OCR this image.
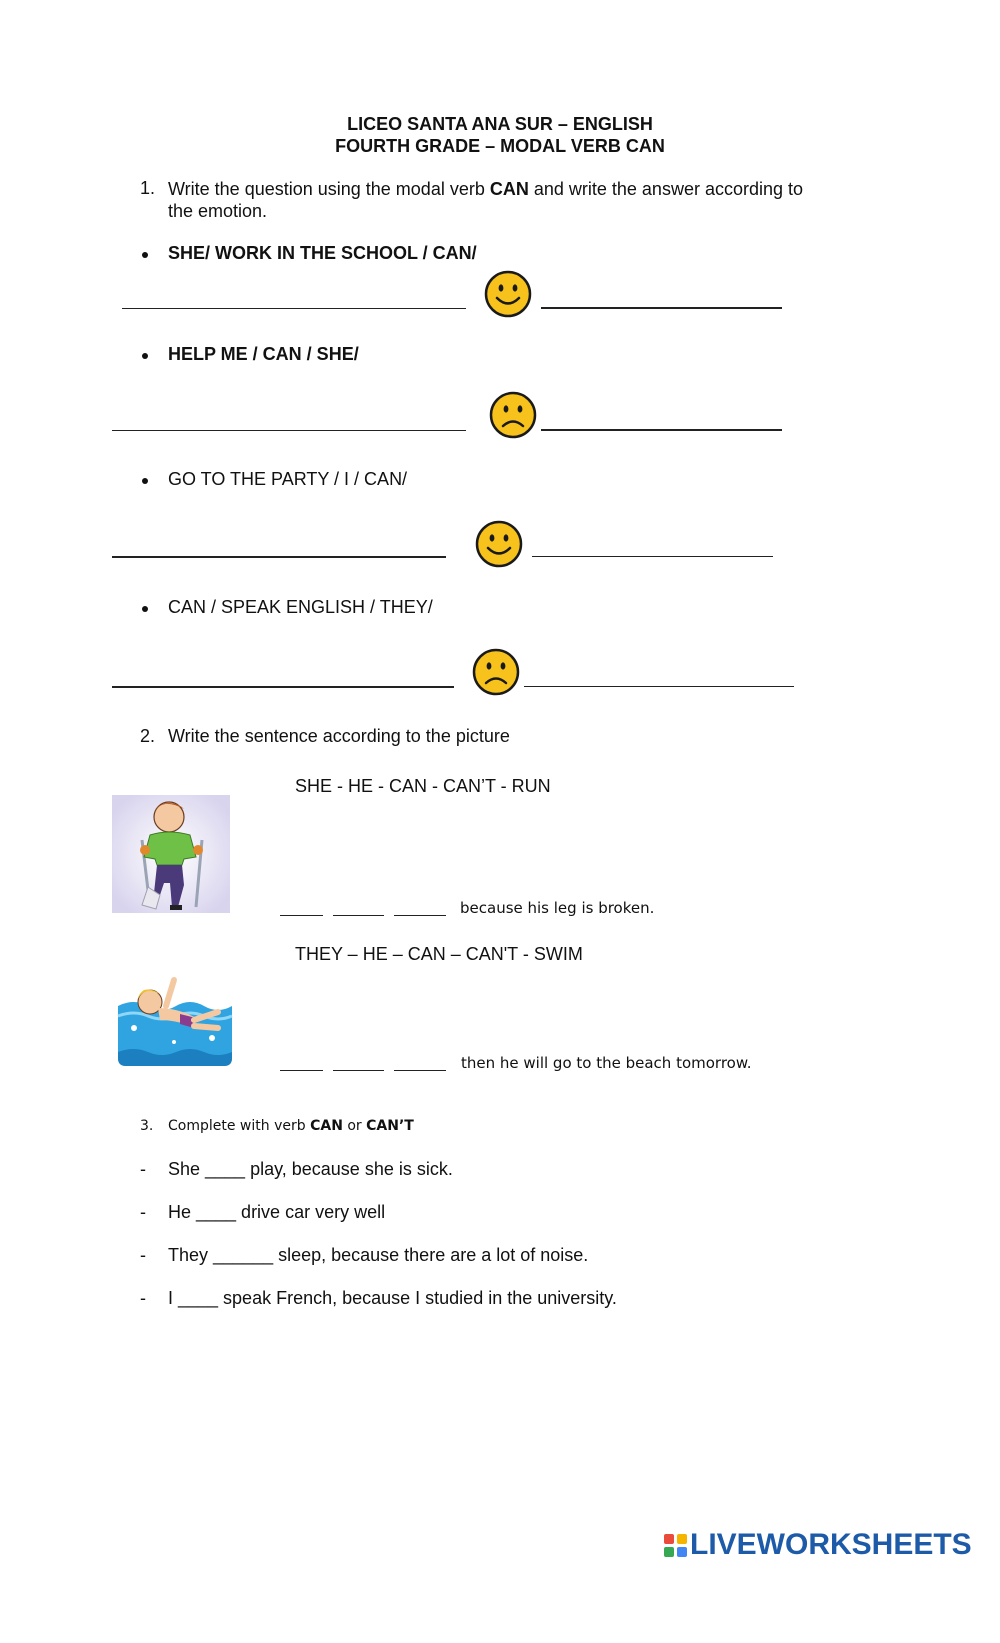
LICEO SANTA ANA SUR – ENGLISH
FOURTH GRADE – MODAL VERB CAN
1. Write the question using the modal verb CAN and write the answer according to
the emotion.
SHE/ WORK IN THE SCHOOL / CAN/
HELP ME / CAN / SHE/
GO TO THE PARTY / I / CAN/
CAN / SPEAK ENGLISH / THEY/
2. Write the sentence according to the picture
SHE - HE - CAN - CAN’T - RUN
because his leg is broken.
THEY – HE – CAN – CAN'T - SWIM
then he will go to the beach tomorrow.
3. Complete with verb CAN or CAN’T
- She ____ play, because she is sick.
- He ____ drive car very well
- They ______ sleep, because there are a lot of noise.
- I ____ speak French, because I studied in the university.
LIVEWORKSHEETS
